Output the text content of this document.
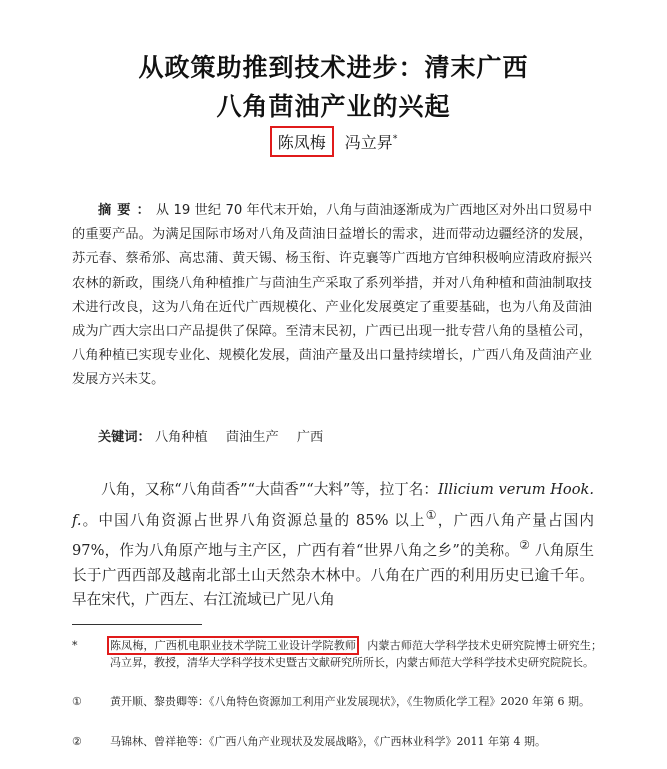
从政策助推到技术进步：清末广西
八角茴油产业的兴起
陈凤梅 冯立昇*

摘要：从 19 世纪 70 年代末开始，八角与茴油逐渐成为广西地区对外出口贸易中的重要产品。为满足国际市场对八角及茴油日益增长的需求，进而带动边疆经济的发展，苏元春、蔡希邠、高忠蒲、黄天锡、杨玉衔、许克襄等广西地方官绅积极响应清政府振兴农林的新政，围绕八角种植推广与茴油生产采取了系列举措，并对八角种植和茴油制取技术进行改良，这为八角在近代广西规模化、产业化发展奠定了重要基础，也为八角及茴油成为广西大宗出口产品提供了保障。至清末民初，广西已出现一批专营八角的垦植公司，八角种植已实现专业化、规模化发展，茴油产量及出口量持续增长，广西八角及茴油产业发展方兴未艾。

关键词： 八角种植 茴油生产 广西

　　八角，又称“八角茴香”“大茴香”“大料”等，拉丁名：Illicium verum Hook. f.。中国八角资源占世界八角资源总量的 85% 以上①，广西八角产量占国内 97%，作为八角原产地与主产区，广西有着“世界八角之乡”的美称。② 八角原生长于广西西部及越南北部土山天然杂木林中。八角在广西的利用历史已逾千年。早在宋代，广西左、右江流域已广见八角

*	陈凤梅，广西机电职业技术学院工业设计学院教师，内蒙古师范大学科学技术史研究院博士研究生；冯立昇，教授，清华大学科学技术史暨古文献研究所所长，内蒙古师范大学科学技术史研究院院长。
①	黄开顺、黎贵卿等：《八角特色资源加工利用产业发展现状》，《生物质化学工程》2020 年第 6 期。
②	马锦林、曾祥艳等：《广西八角产业现状及发展战略》，《广西林业科学》2011 年第 4 期。
